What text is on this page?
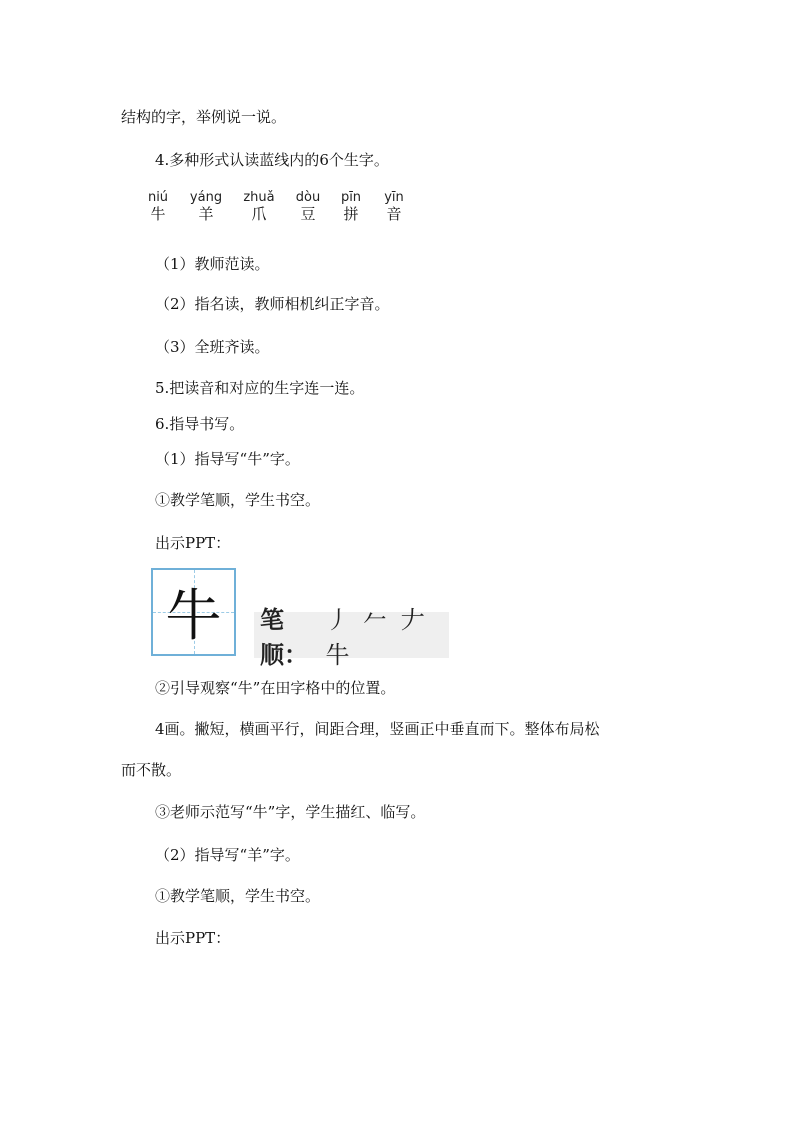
结构的字，举例说一说。
4.多种形式认读蓝线内的6个生字。
niú
牛
yáng
羊
zhuǎ
爪
dòu
豆
pīn
拼
yīn
音
（1）教师范读。
（2）指名读，教师相机纠正字音。
（3）全班齐读。
5.把读音和对应的生字连一连。
6.指导书写。
（1）指导写“牛”字。
①教学笔顺，学生书空。
出示PPT：
牛	笔顺：
丿 𠂉 𠂇 牛
②引导观察“牛”在田字格中的位置。
4画。撇短，横画平行，间距合理，竖画正中垂直而下。整体布局松
而不散。
③老师示范写“牛”字，学生描红、临写。
（2）指导写“羊”字。
①教学笔顺，学生书空。
出示PPT：
